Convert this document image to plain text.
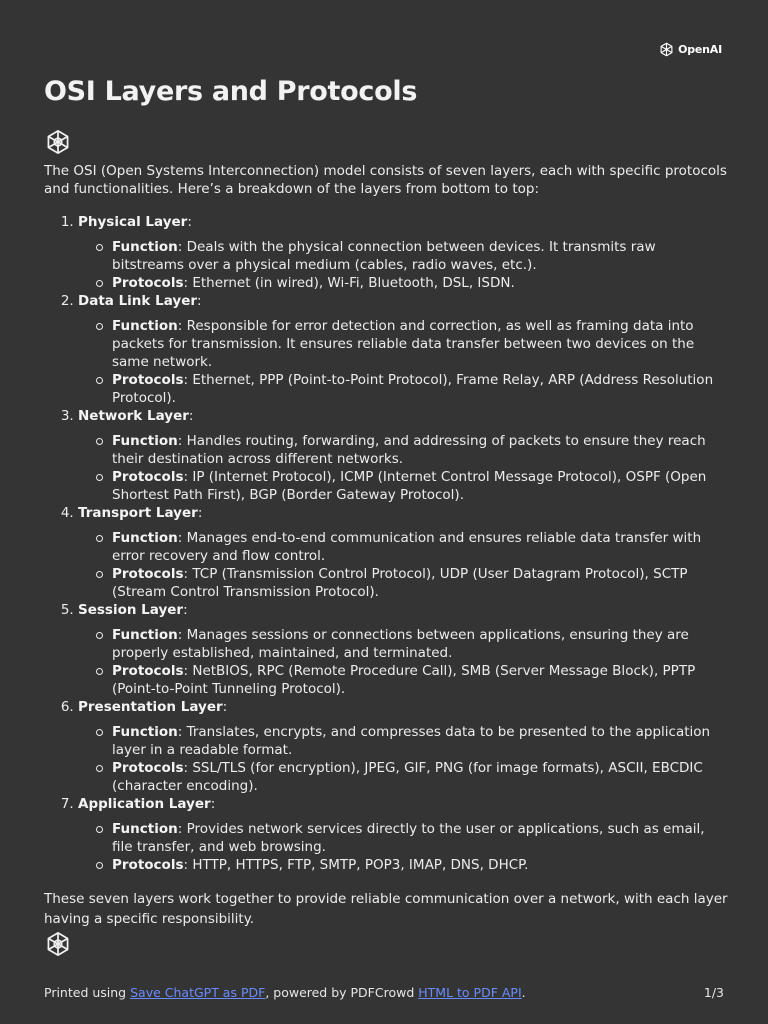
OpenAI
OSI Layers and Protocols

The OSI (Open Systems Interconnection) model consists of seven layers, each with specific protocols and functionalities. Here’s a breakdown of the layers from bottom to top:

1. Physical Layer:
Function: Deals with the physical connection between devices. It transmits raw bitstreams over a physical medium (cables, radio waves, etc.).
Protocols: Ethernet (in wired), Wi-Fi, Bluetooth, DSL, ISDN.
2. Data Link Layer:
Function: Responsible for error detection and correction, as well as framing data into packets for transmission. It ensures reliable data transfer between two devices on the same network.
Protocols: Ethernet, PPP (Point-to-Point Protocol), Frame Relay, ARP (Address Resolution Protocol).
3. Network Layer:
Function: Handles routing, forwarding, and addressing of packets to ensure they reach their destination across different networks.
Protocols: IP (Internet Protocol), ICMP (Internet Control Message Protocol), OSPF (Open Shortest Path First), BGP (Border Gateway Protocol).
4. Transport Layer:
Function: Manages end-to-end communication and ensures reliable data transfer with error recovery and flow control.
Protocols: TCP (Transmission Control Protocol), UDP (User Datagram Protocol), SCTP (Stream Control Transmission Protocol).
5. Session Layer:
Function: Manages sessions or connections between applications, ensuring they are properly established, maintained, and terminated.
Protocols: NetBIOS, RPC (Remote Procedure Call), SMB (Server Message Block), PPTP (Point-to-Point Tunneling Protocol).
6. Presentation Layer:
Function: Translates, encrypts, and compresses data to be presented to the application layer in a readable format.
Protocols: SSL/TLS (for encryption), JPEG, GIF, PNG (for image formats), ASCII, EBCDIC (character encoding).
7. Application Layer:
Function: Provides network services directly to the user or applications, such as email, file transfer, and web browsing.
Protocols: HTTP, HTTPS, FTP, SMTP, POP3, IMAP, DNS, DHCP.

These seven layers work together to provide reliable communication over a network, with each layer having a specific responsibility.

Printed using Save ChatGPT as PDF, powered by PDFCrowd HTML to PDF API.	1/3
